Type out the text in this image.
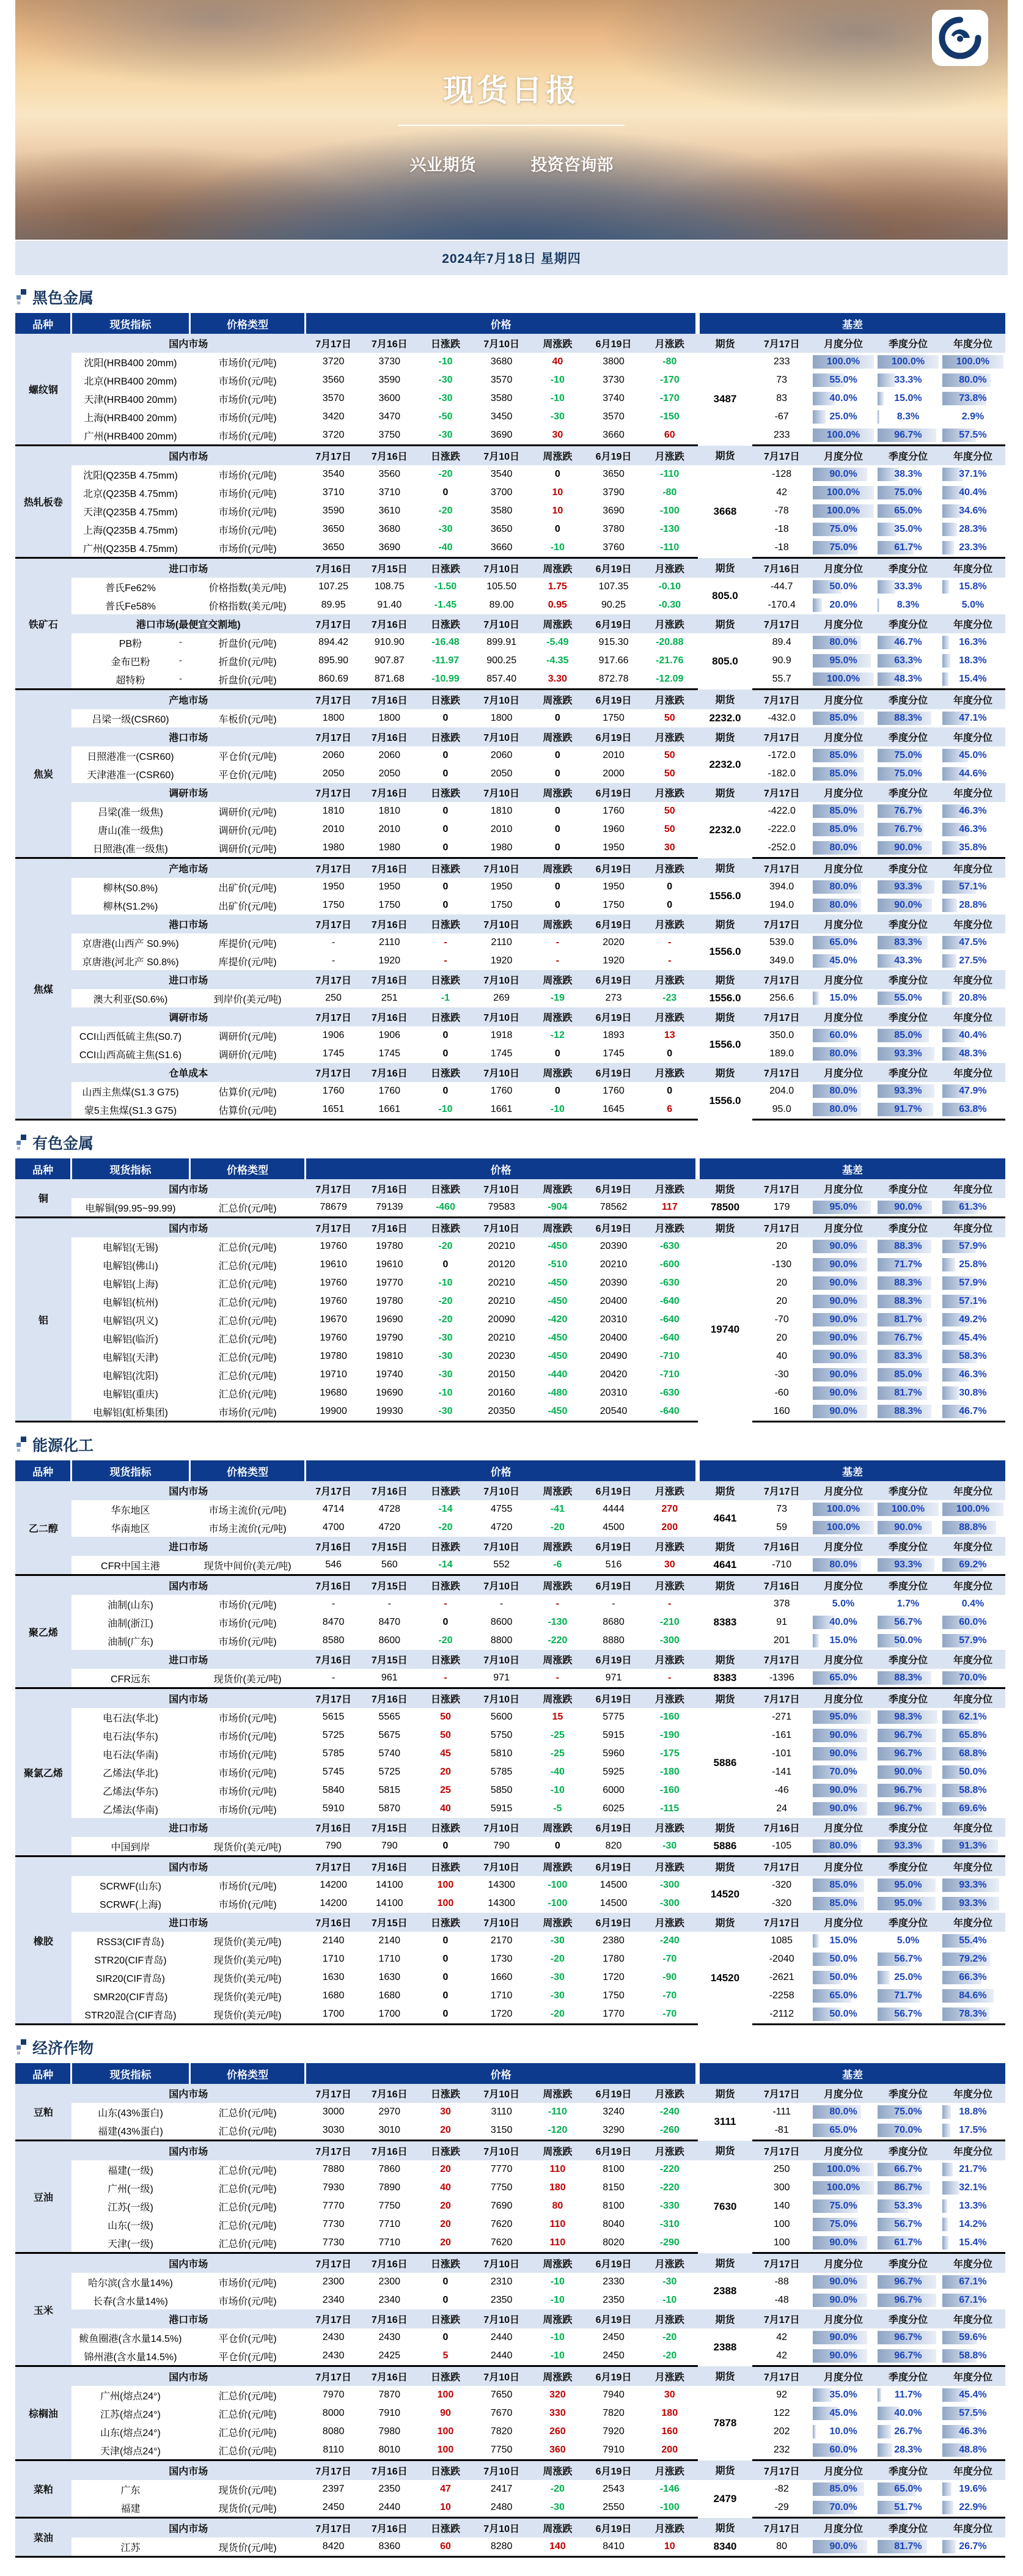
现货日报
兴业期货	投资咨询部
2024年7月18日 星期四
黑色金属
品种	现货指标	价格类型	价格							基差				
螺纹钢	国内市场		7月17日	7月16日	日涨跌	7月10日	周涨跌	6月19日	月涨跌	期货	7月17日	月度分位	季度分位	年度分位
	沈阳(HRB400 20mm)	市场价(元/吨)	3720	3730	-10	3680	40	3800	-80	3487	233	100.0%	100.0%	100.0%
	北京(HRB400 20mm)	市场价(元/吨)	3560	3590	-30	3570	-10	3730	-170		73	55.0%	33.3%	80.0%
	天津(HRB400 20mm)	市场价(元/吨)	3570	3600	-30	3580	-10	3740	-170		83	40.0%	15.0%	73.8%
	上海(HRB400 20mm)	市场价(元/吨)	3420	3470	-50	3450	-30	3570	-150		-67	25.0%	8.3%	2.9%
	广州(HRB400 20mm)	市场价(元/吨)	3720	3750	-30	3690	30	3660	60		233	100.0%	96.7%	57.5%
热轧板卷	国内市场		7月17日	7月16日	日涨跌	7月10日	周涨跌	6月19日	月涨跌	期货	7月17日	月度分位	季度分位	年度分位
	沈阳(Q235B 4.75mm)	市场价(元/吨)	3540	3560	-20	3540	0	3650	-110	3668	-128	90.0%	38.3%	37.1%
	北京(Q235B 4.75mm)	市场价(元/吨)	3710	3710	0	3700	10	3790	-80		42	100.0%	75.0%	40.4%
	天津(Q235B 4.75mm)	市场价(元/吨)	3590	3610	-20	3580	10	3690	-100		-78	100.0%	65.0%	34.6%
	上海(Q235B 4.75mm)	市场价(元/吨)	3650	3680	-30	3650	0	3780	-130		-18	75.0%	35.0%	28.3%
	广州(Q235B 4.75mm)	市场价(元/吨)	3650	3690	-40	3660	-10	3760	-110		-18	75.0%	61.7%	23.3%
铁矿石	进口市场		7月16日	7月15日	日涨跌	7月10日	周涨跌	6月19日	月涨跌	期货	7月16日	月度分位	季度分位	年度分位
	普氏Fe62%	价格指数(美元/吨)	107.25	108.75	-1.50	105.50	1.75	107.35	-0.10	805.0	-44.7	50.0%	33.3%	15.8%
	普氏Fe58%	价格指数(美元/吨)	89.95	91.40	-1.45	89.00	0.95	90.25	-0.30		-170.4	20.0%	8.3%	5.0%
	港口市场(最便宜交割地)		7月17日	7月16日	日涨跌	7月10日	周涨跌	6月19日	月涨跌	期货	7月17日	月度分位	季度分位	年度分位
	PB粉 -	折盘价(元/吨)	894.42	910.90	-16.48	899.91	-5.49	915.30	-20.88	805.0	89.4	80.0%	46.7%	16.3%
	金布巴粉 -	折盘价(元/吨)	895.90	907.87	-11.97	900.25	-4.35	917.66	-21.76		90.9	95.0%	63.3%	18.3%
	超特粉 -	折盘价(元/吨)	860.69	871.68	-10.99	857.40	3.30	872.78	-12.09		55.7	100.0%	48.3%	15.4%
焦炭	产地市场		7月17日	7月16日	日涨跌	7月10日	周涨跌	6月19日	月涨跌	期货	7月17日	月度分位	季度分位	年度分位
	吕梁一级(CSR60)	车板价(元/吨)	1800	1800	0	1800	0	1750	50	2232.0	-432.0	85.0%	88.3%	47.1%
	港口市场		7月17日	7月16日	日涨跌	7月10日	周涨跌	6月19日	月涨跌	期货	7月17日	月度分位	季度分位	年度分位
	日照港准一(CSR60)	平仓价(元/吨)	2060	2060	0	2060	0	2010	50	2232.0	-172.0	85.0%	75.0%	45.0%
	天津港准一(CSR60)	平仓价(元/吨)	2050	2050	0	2050	0	2000	50		-182.0	85.0%	75.0%	44.6%
	调研市场		7月17日	7月16日	日涨跌	7月10日	周涨跌	6月19日	月涨跌	期货	7月17日	月度分位	季度分位	年度分位
	吕梁(准一级焦)	调研价(元/吨)	1810	1810	0	1810	0	1760	50	2232.0	-422.0	85.0%	76.7%	46.3%
	唐山(准一级焦)	调研价(元/吨)	2010	2010	0	2010	0	1960	50		-222.0	85.0%	76.7%	46.3%
	日照港(准一级焦)	调研价(元/吨)	1980	1980	0	1980	0	1950	30		-252.0	80.0%	90.0%	35.8%
焦煤	产地市场		7月17日	7月16日	日涨跌	7月10日	周涨跌	6月19日	月涨跌	期货	7月17日	月度分位	季度分位	年度分位
	柳林(S0.8%)	出矿价(元/吨)	1950	1950	0	1950	0	1950	0	1556.0	394.0	80.0%	93.3%	57.1%
	柳林(S1.2%)	出矿价(元/吨)	1750	1750	0	1750	0	1750	0		194.0	80.0%	90.0%	28.8%
	港口市场		7月17日	7月16日	日涨跌	7月10日	周涨跌	6月19日	月涨跌	期货	7月17日	月度分位	季度分位	年度分位
	京唐港(山西产 S0.9%)	库提价(元/吨)	-	2110	-	2110	-	2020	-	1556.0	539.0	65.0%	83.3%	47.5%
	京唐港(河北产 S0.8%)	库提价(元/吨)	-	1920	-	1920	-	1920	-		349.0	45.0%	43.3%	27.5%
	进口市场		7月17日	7月16日	日涨跌	7月10日	周涨跌	6月19日	月涨跌	期货	7月17日	月度分位	季度分位	年度分位
	澳大利亚(S0.6%)	到岸价(美元/吨)	250	251	-1	269	-19	273	-23	1556.0	256.6	15.0%	55.0%	20.8%
	调研市场		7月17日	7月16日	日涨跌	7月10日	周涨跌	6月19日	月涨跌	期货	7月17日	月度分位	季度分位	年度分位
	CCI山西低硫主焦(S0.7)	调研价(元/吨)	1906	1906	0	1918	-12	1893	13	1556.0	350.0	60.0%	85.0%	40.4%
	CCI山西高硫主焦(S1.6)	调研价(元/吨)	1745	1745	0	1745	0	1745	0		189.0	80.0%	93.3%	48.3%
	仓单成本		7月17日	7月16日	日涨跌	7月10日	周涨跌	6月19日	月涨跌	期货	7月17日	月度分位	季度分位	年度分位
	山西主焦煤(S1.3 G75)	估算价(元/吨)	1760	1760	0	1760	0	1760	0	1556.0	204.0	80.0%	93.3%	47.9%
	蒙5主焦煤(S1.3 G75)	估算价(元/吨)	1651	1661	-10	1661	-10	1645	6		95.0	80.0%	91.7%	63.8%
有色金属
品种	现货指标	价格类型	价格							基差				
铜	国内市场		7月17日	7月16日	日涨跌	7月10日	周涨跌	6月19日	月涨跌	期货	7月17日	月度分位	季度分位	年度分位
	电解铜(99.95~99.99)	汇总价(元/吨)	78679	79139	-460	79583	-904	78562	117	78500	179	95.0%	90.0%	61.3%
铝	国内市场		7月17日	7月16日	日涨跌	7月10日	周涨跌	6月19日	月涨跌	期货	7月17日	月度分位	季度分位	年度分位
	电解铝(无锡)	汇总价(元/吨)	19760	19780	-20	20210	-450	20390	-630	19740	20	90.0%	88.3%	57.9%
	电解铝(佛山)	汇总价(元/吨)	19610	19610	0	20120	-510	20210	-600		-130	90.0%	71.7%	25.8%
	电解铝(上海)	汇总价(元/吨)	19760	19770	-10	20210	-450	20390	-630		20	90.0%	88.3%	57.9%
	电解铝(杭州)	汇总价(元/吨)	19760	19780	-20	20210	-450	20400	-640		20	90.0%	88.3%	57.1%
	电解铝(巩义)	汇总价(元/吨)	19670	19690	-20	20090	-420	20310	-640		-70	90.0%	81.7%	49.2%
	电解铝(临沂)	汇总价(元/吨)	19760	19790	-30	20210	-450	20400	-640		20	90.0%	76.7%	45.4%
	电解铝(天津)	汇总价(元/吨)	19780	19810	-30	20230	-450	20490	-710		40	90.0%	83.3%	58.3%
	电解铝(沈阳)	汇总价(元/吨)	19710	19740	-30	20150	-440	20420	-710		-30	90.0%	85.0%	46.3%
	电解铝(重庆)	汇总价(元/吨)	19680	19690	-10	20160	-480	20310	-630		-60	90.0%	81.7%	30.8%
	电解铝(虹桥集团)	市场价(元/吨)	19900	19930	-30	20350	-450	20540	-640		160	90.0%	88.3%	46.7%
能源化工
品种	现货指标	价格类型	价格							基差				
乙二醇	国内市场		7月17日	7月16日	日涨跌	7月10日	周涨跌	6月19日	月涨跌	期货	7月17日	月度分位	季度分位	年度分位
	华东地区	市场主流价(元/吨)	4714	4728	-14	4755	-41	4444	270	4641	73	100.0%	100.0%	100.0%
	华南地区	市场主流价(元/吨)	4700	4720	-20	4720	-20	4500	200		59	100.0%	90.0%	88.8%
	进口市场		7月16日	7月15日	日涨跌	7月10日	周涨跌	6月19日	月涨跌	期货	7月16日	月度分位	季度分位	年度分位
	CFR中国主港	现货中间价(美元/吨)	546	560	-14	552	-6	516	30	4641	-710	80.0%	93.3%	69.2%
聚乙烯	国内市场		7月16日	7月15日	日涨跌	7月10日	周涨跌	6月19日	月涨跌	期货	7月16日	月度分位	季度分位	年度分位
	油制(山东)	市场价(元/吨)	-	-	-	-	-	-	-	8383	378	5.0%	1.7%	0.4%
	油制(浙江)	市场价(元/吨)	8470	8470	0	8600	-130	8680	-210		91	40.0%	56.7%	60.0%
	油制(广东)	市场价(元/吨)	8580	8600	-20	8800	-220	8880	-300		201	15.0%	50.0%	57.9%
	进口市场		7月16日	7月15日	日涨跌	7月10日	周涨跌	6月19日	月涨跌	期货	7月17日	月度分位	季度分位	年度分位
	CFR远东	现货价(美元/吨)	-	961	-	971	-	971	-	8383	-1396	65.0%	88.3%	70.0%
聚氯乙烯	国内市场		7月17日	7月16日	日涨跌	7月10日	周涨跌	6月19日	月涨跌	期货	7月17日	月度分位	季度分位	年度分位
	电石法(华北)	市场价(元/吨)	5615	5565	50	5600	15	5775	-160	5886	-271	95.0%	98.3%	62.1%
	电石法(华东)	市场价(元/吨)	5725	5675	50	5750	-25	5915	-190		-161	90.0%	96.7%	65.8%
	电石法(华南)	市场价(元/吨)	5785	5740	45	5810	-25	5960	-175		-101	90.0%	96.7%	68.8%
	乙烯法(华北)	市场价(元/吨)	5745	5725	20	5785	-40	5925	-180		-141	70.0%	90.0%	50.0%
	乙烯法(华东)	市场价(元/吨)	5840	5815	25	5850	-10	6000	-160		-46	90.0%	96.7%	58.8%
	乙烯法(华南)	市场价(元/吨)	5910	5870	40	5915	-5	6025	-115		24	90.0%	96.7%	69.6%
	进口市场		7月16日	7月15日	日涨跌	7月10日	周涨跌	6月19日	月涨跌	期货	7月16日	月度分位	季度分位	年度分位
	中国到岸	现货价(美元/吨)	790	790	0	790	0	820	-30	5886	-105	80.0%	93.3%	91.3%
橡胶	国内市场		7月17日	7月16日	日涨跌	7月10日	周涨跌	6月19日	月涨跌	期货	7月17日	月度分位	季度分位	年度分位
	SCRWF(山东)	市场价(元/吨)	14200	14100	100	14300	-100	14500	-300	14520	-320	85.0%	95.0%	93.3%
	SCRWF(上海)	市场价(元/吨)	14200	14100	100	14300	-100	14500	-300		-320	85.0%	95.0%	93.3%
	进口市场		7月16日	7月15日	日涨跌	7月10日	周涨跌	6月19日	月涨跌	期货	7月17日	月度分位	季度分位	年度分位
	RSS3(CIF青岛)	现货价(美元/吨)	2140	2140	0	2170	-30	2380	-240	14520	1085	15.0%	5.0%	55.4%
	STR20(CIF青岛)	现货价(美元/吨)	1710	1710	0	1730	-20	1780	-70		-2040	50.0%	56.7%	79.2%
	SIR20(CIF青岛)	现货价(美元/吨)	1630	1630	0	1660	-30	1720	-90		-2621	50.0%	25.0%	66.3%
	SMR20(CIF青岛)	现货价(美元/吨)	1680	1680	0	1710	-30	1750	-70		-2258	65.0%	71.7%	84.6%
	STR20混合(CIF青岛)	现货价(美元/吨)	1700	1700	0	1720	-20	1770	-70		-2112	50.0%	56.7%	78.3%
经济作物
品种	现货指标	价格类型	价格							基差				
豆粕	国内市场		7月17日	7月16日	日涨跌	7月10日	周涨跌	6月19日	月涨跌	期货	7月17日	月度分位	季度分位	年度分位
	山东(43%蛋白)	汇总价(元/吨)	3000	2970	30	3110	-110	3240	-240	3111	-111	80.0%	75.0%	18.8%
	福建(43%蛋白)	汇总价(元/吨)	3030	3010	20	3150	-120	3290	-260		-81	65.0%	70.0%	17.5%
豆油	国内市场		7月17日	7月16日	日涨跌	7月10日	周涨跌	6月19日	月涨跌	期货	7月17日	月度分位	季度分位	年度分位
	福建(一级)	汇总价(元/吨)	7880	7860	20	7770	110	8100	-220	7630	250	100.0%	66.7%	21.7%
	广州(一级)	汇总价(元/吨)	7930	7890	40	7750	180	8150	-220		300	100.0%	86.7%	32.1%
	江苏(一级)	汇总价(元/吨)	7770	7750	20	7690	80	8100	-330		140	75.0%	53.3%	13.3%
	山东(一级)	汇总价(元/吨)	7730	7710	20	7620	110	8040	-310		100	75.0%	56.7%	14.2%
	天津(一级)	汇总价(元/吨)	7730	7710	20	7620	110	8020	-290		100	90.0%	61.7%	15.4%
玉米	国内市场		7月17日	7月16日	日涨跌	7月10日	周涨跌	6月19日	月涨跌	期货	7月17日	月度分位	季度分位	年度分位
	哈尔滨(含水量14%)	市场价(元/吨)	2300	2300	0	2310	-10	2330	-30	2388	-88	90.0%	96.7%	67.1%
	长春(含水量14%)	市场价(元/吨)	2340	2340	0	2350	-10	2350	-10		-48	90.0%	96.7%	67.1%
	港口市场		7月17日	7月16日	日涨跌	7月10日	周涨跌	6月19日	月涨跌	期货	7月17日	月度分位	季度分位	年度分位
	鲅鱼圈港(含水量14.5%)	平仓价(元/吨)	2430	2430	0	2440	-10	2450	-20	2388	42	90.0%	96.7%	59.6%
	锦州港(含水量14.5%)	平仓价(元/吨)	2430	2425	5	2440	-10	2450	-20		42	90.0%	96.7%	58.8%
棕榈油	国内市场		7月17日	7月16日	日涨跌	7月10日	周涨跌	6月19日	月涨跌	期货	7月17日	月度分位	季度分位	年度分位
	广州(熔点24°)	汇总价(元/吨)	7970	7870	100	7650	320	7940	30	7878	92	35.0%	11.7%	45.4%
	江苏(熔点24°)	汇总价(元/吨)	8000	7910	90	7670	330	7820	180		122	45.0%	40.0%	57.5%
	山东(熔点24°)	汇总价(元/吨)	8080	7980	100	7820	260	7920	160		202	10.0%	26.7%	46.3%
	天津(熔点24°)	汇总价(元/吨)	8110	8010	100	7750	360	7910	200		232	60.0%	28.3%	48.8%
菜粕	国内市场		7月17日	7月16日	日涨跌	7月10日	周涨跌	6月19日	月涨跌	期货	7月17日	月度分位	季度分位	年度分位
	广东	现货价(元/吨)	2397	2350	47	2417	-20	2543	-146	2479	-82	85.0%	65.0%	19.6%
	福建	现货价(元/吨)	2450	2440	10	2480	-30	2550	-100		-29	70.0%	51.7%	22.9%
菜油	国内市场		7月17日	7月16日	日涨跌	7月10日	周涨跌	6月19日	月涨跌	期货	7月17日	月度分位	季度分位	年度分位
	江苏	现货价(元/吨)	8420	8360	60	8280	140	8410	10	8340	80	90.0%	81.7%	26.7%
